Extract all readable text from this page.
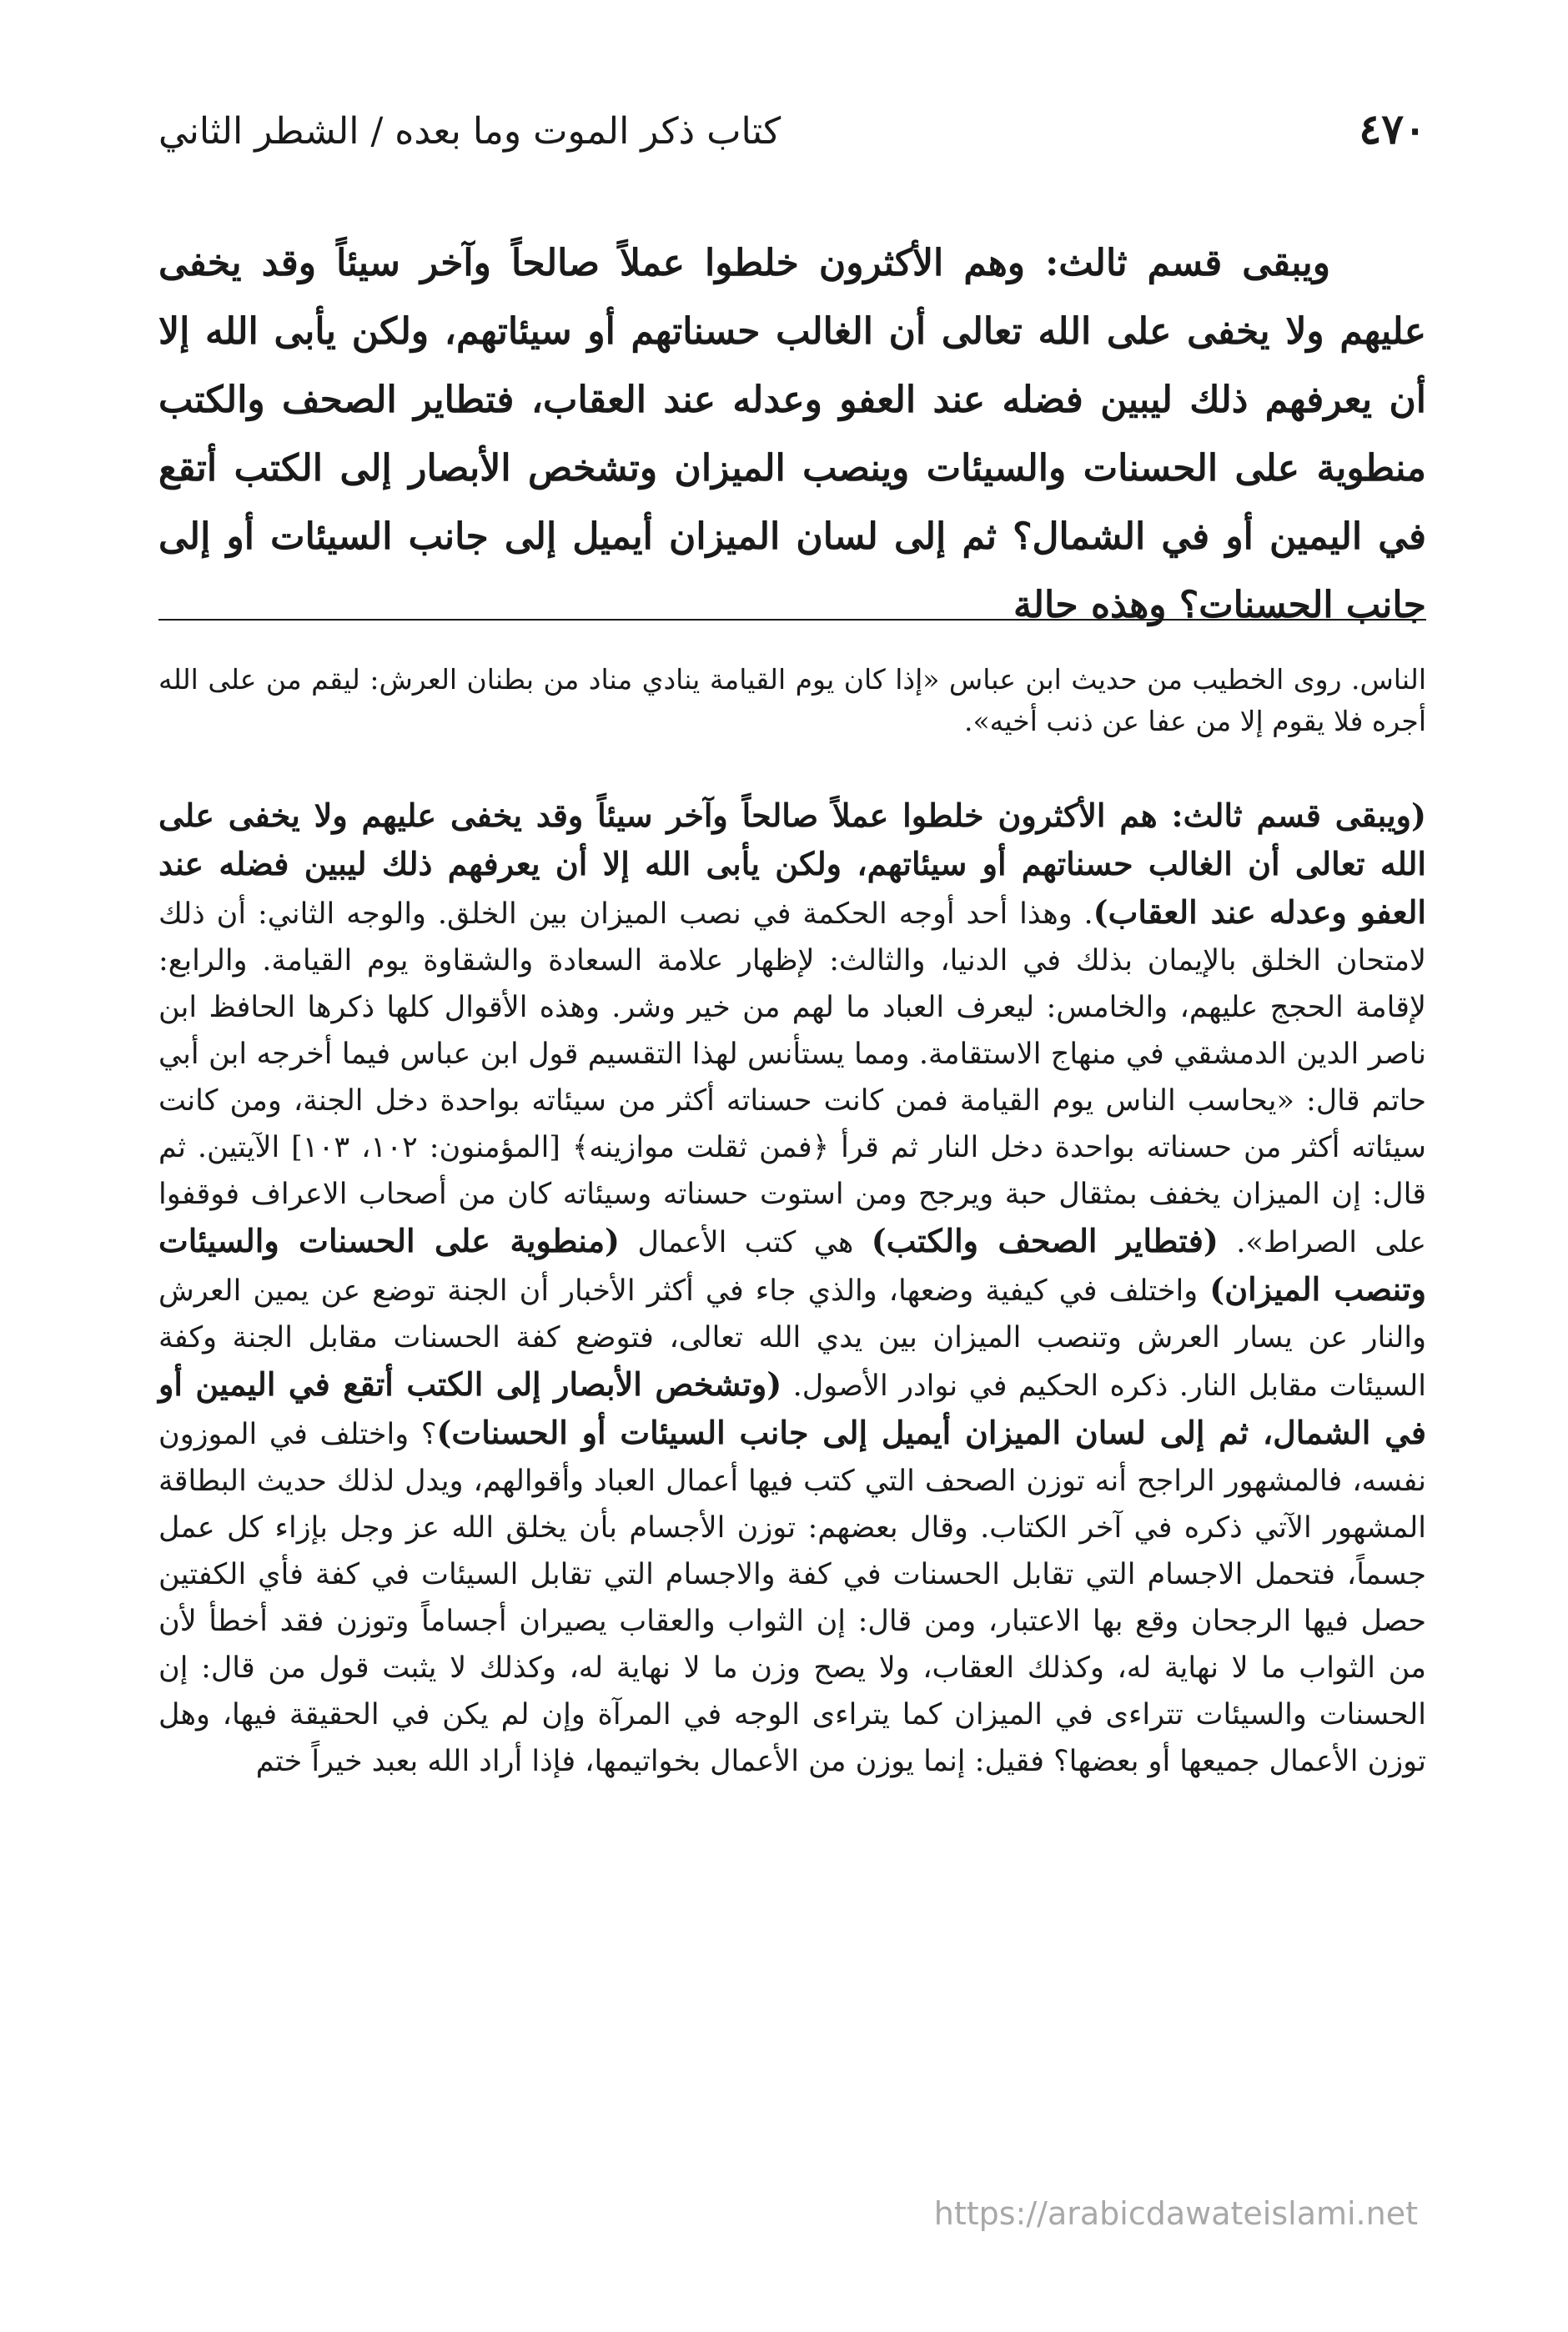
٤٧٠
كتاب ذكر الموت وما بعده / الشطر الثاني

ويبقى قسم ثالث: وهم الأكثرون خلطوا عملاً صالحاً وآخر سيئاً وقد يخفى عليهم ولا يخفى على الله تعالى أن الغالب حسناتهم أو سيئاتهم، ولكن يأبى الله إلا أن يعرفهم ذلك ليبين فضله عند العفو وعدله عند العقاب، فتطاير الصحف والكتب منطوية على الحسنات والسيئات وينصب الميزان وتشخص الأبصار إلى الكتب أتقع في اليمين أو في الشمال؟ ثم إلى لسان الميزان أيميل إلى جانب السيئات أو إلى جانب الحسنات؟ وهذه حالة

الناس. روى الخطيب من حديث ابن عباس «إذا كان يوم القيامة ينادي مناد من بطنان العرش: ليقم من على الله أجره فلا يقوم إلا من عفا عن ذنب أخيه».

(ويبقى قسم ثالث: هم الأكثرون خلطوا عملاً صالحاً وآخر سيئاً وقد يخفى عليهم ولا يخفى على الله تعالى أن الغالب حسناتهم أو سيئاتهم، ولكن يأبى الله إلا أن يعرفهم ذلك ليبين فضله عند العفو وعدله عند العقاب). وهذا أحد أوجه الحكمة في نصب الميزان بين الخلق. والوجه الثاني: أن ذلك لامتحان الخلق بالإيمان بذلك في الدنيا، والثالث: لإظهار علامة السعادة والشقاوة يوم القيامة. والرابع: لإقامة الحجج عليهم، والخامس: ليعرف العباد ما لهم من خير وشر. وهذه الأقوال كلها ذكرها الحافظ ابن ناصر الدين الدمشقي في منهاج الاستقامة. ومما يستأنس لهذا التقسيم قول ابن عباس فيما أخرجه ابن أبي حاتم قال: «يحاسب الناس يوم القيامة فمن كانت حسناته أكثر من سيئاته بواحدة دخل الجنة، ومن كانت سيئاته أكثر من حسناته بواحدة دخل النار ثم قرأ ﴿فمن ثقلت موازينه﴾ [المؤمنون: ١٠٢، ١٠٣] الآيتين. ثم قال: إن الميزان يخفف بمثقال حبة ويرجح ومن استوت حسناته وسيئاته كان من أصحاب الاعراف فوقفوا على الصراط». (فتطاير الصحف والكتب) هي كتب الأعمال (منطوية على الحسنات والسيئات وتنصب الميزان) واختلف في كيفية وضعها، والذي جاء في أكثر الأخبار أن الجنة توضع عن يمين العرش والنار عن يسار العرش وتنصب الميزان بين يدي الله تعالى، فتوضع كفة الحسنات مقابل الجنة وكفة السيئات مقابل النار. ذكره الحكيم في نوادر الأصول. (وتشخص الأبصار إلى الكتب أتقع في اليمين أو في الشمال، ثم إلى لسان الميزان أيميل إلى جانب السيئات أو الحسنات)؟ واختلف في الموزون نفسه، فالمشهور الراجح أنه توزن الصحف التي كتب فيها أعمال العباد وأقوالهم، ويدل لذلك حديث البطاقة المشهور الآتي ذكره في آخر الكتاب. وقال بعضهم: توزن الأجسام بأن يخلق الله عز وجل بإزاء كل عمل جسماً، فتحمل الاجسام التي تقابل الحسنات في كفة والاجسام التي تقابل السيئات في كفة فأي الكفتين حصل فيها الرجحان وقع بها الاعتبار، ومن قال: إن الثواب والعقاب يصيران أجساماً وتوزن فقد أخطأ لأن من الثواب ما لا نهاية له، وكذلك العقاب، ولا يصح وزن ما لا نهاية له، وكذلك لا يثبت قول من قال: إن الحسنات والسيئات تتراءى في الميزان كما يتراءى الوجه في المرآة وإن لم يكن في الحقيقة فيها، وهل توزن الأعمال جميعها أو بعضها؟ فقيل: إنما يوزن من الأعمال بخواتيمها، فإذا أراد الله بعبد خيراً ختم

https://arabicdawateislami.net
